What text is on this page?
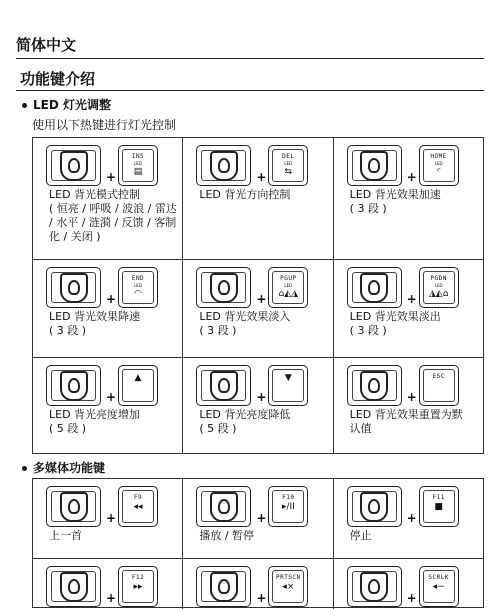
简体中文
功能键介绍
LED 灯光调整
使用以下热键进行灯光控制
+
INS
LED
▤
LED 背光模式控制
( 恒亮 / 呼吸 / 波浪 / 雷达
/ 水平 / 涟漪 / 反馈 / 客制
化 / 关闭 )
+
DEL
LED
⇆
LED 背光方向控制
+
HOME
LED
◜
LED 背光效果加速
( 3 段 )
+
END
LED
◠
LED 背光效果降速
( 3 段 )
+
PGUP
LED
⌂◭◮
LED 背光效果淡入
( 3 段 )
+
PGDN
LED
◮◭⌂
LED 背光效果淡出
( 3 段 )
+
▲
LED 背光亮度增加
( 5 段 )
+
▼
LED 背光亮度降低
( 5 段 )
+
ESC
LED 背光效果重置为默
认值
多媒体功能键
+
F9
◂◂
上一首
+
F10
▸/II
播放 / 暂停
+
F11
■
停止
+
F12
▸▸
+
PRTSCN
◂×
+
SCRLK
◂−
